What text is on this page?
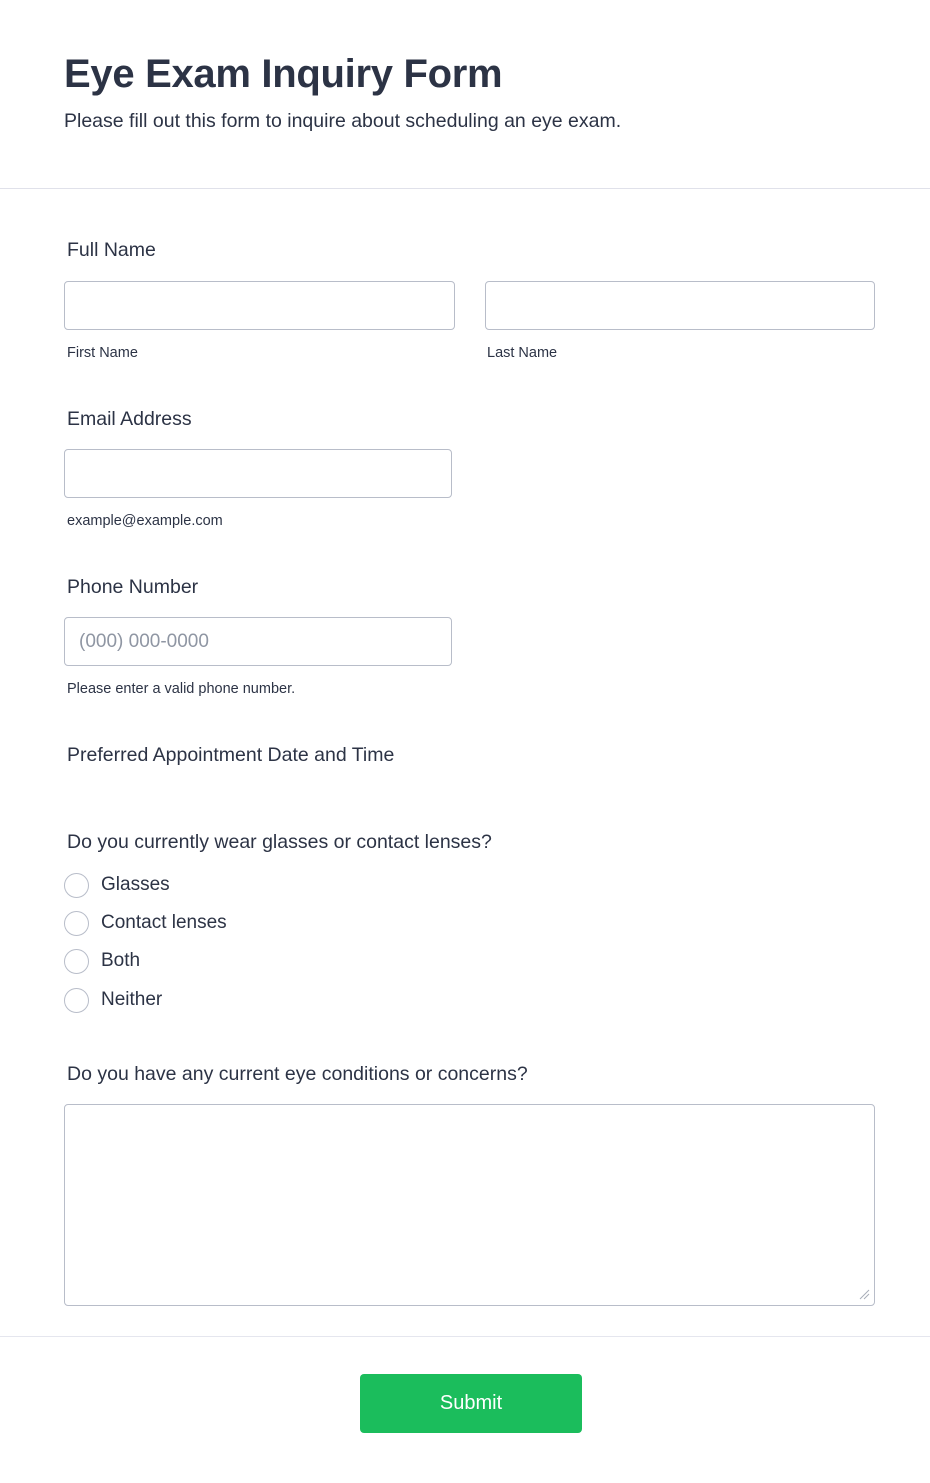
Eye Exam Inquiry Form

Please fill out this form to inquire about scheduling an eye exam.

Full Name
First Name	Last Name
Email Address
example@example.com
Phone Number
(000) 000-0000
Please enter a valid phone number.
Preferred Appointment Date and Time
Do you currently wear glasses or contact lenses?
Glasses
Contact lenses
Both
Neither
Do you have any current eye conditions or concerns?
Submit
